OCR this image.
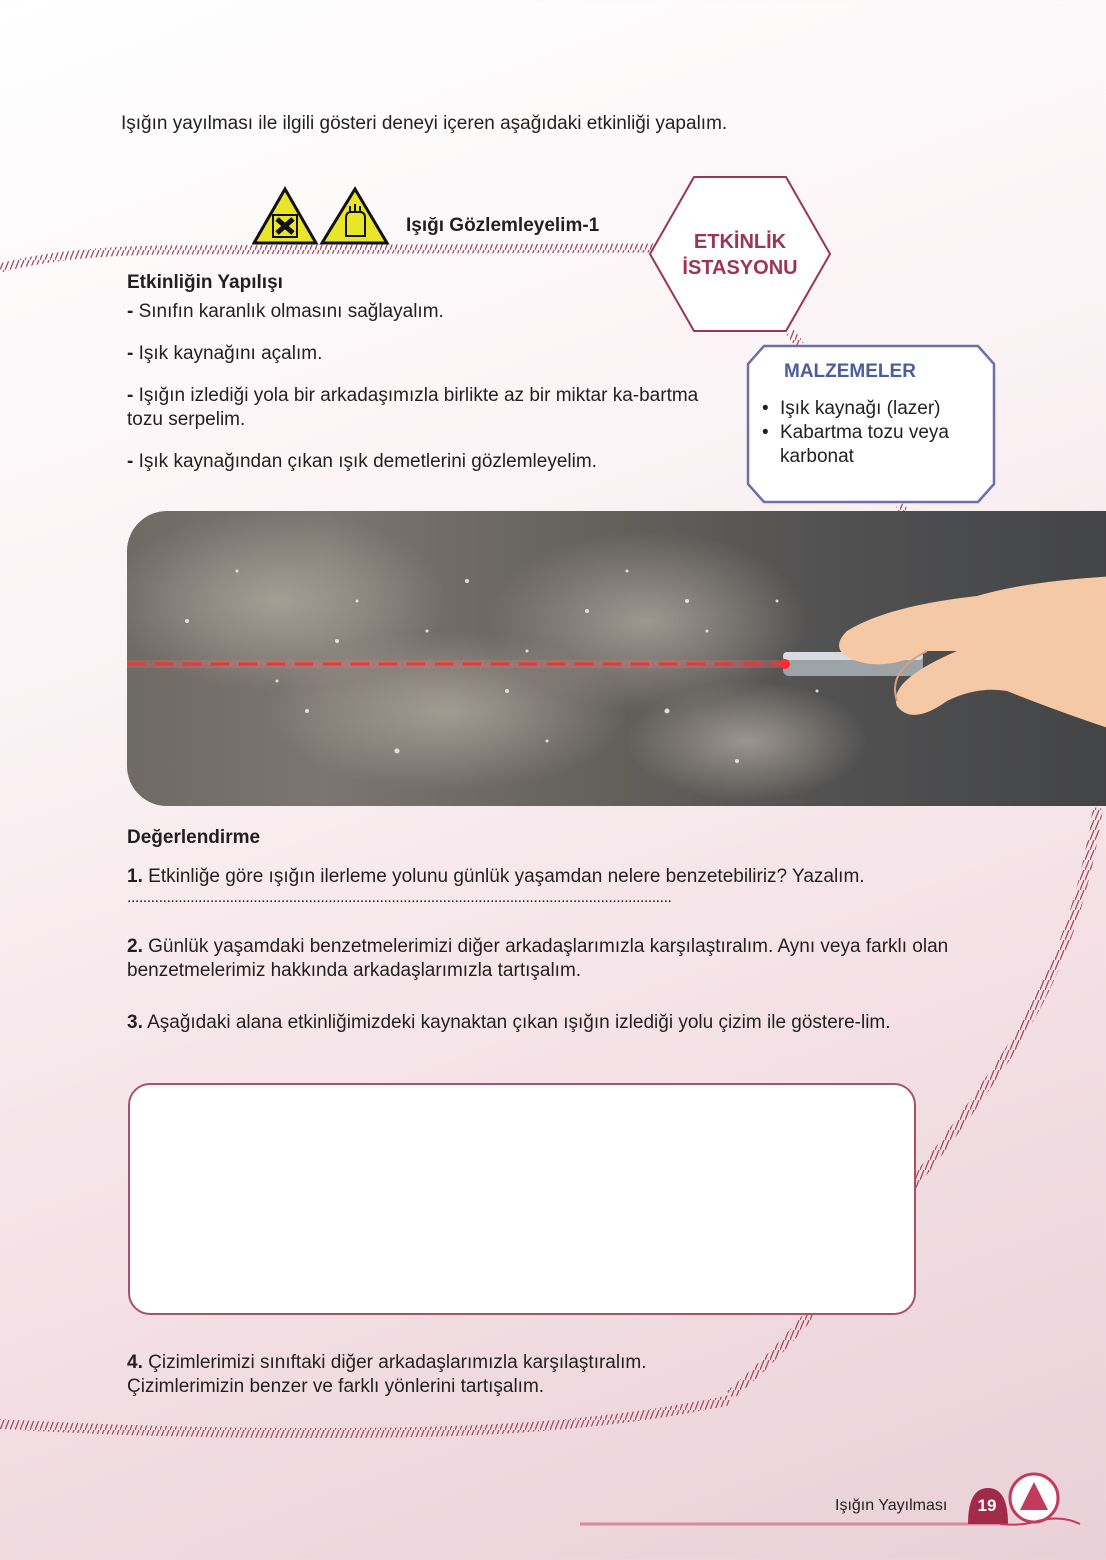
Işığın yayılması ile ilgili gösteri deneyi içeren aşağıdaki etkinliği yapalım.

Işığı Gözlemleyelim-1
ETKİNLİK
İSTASYONU
Etkinliğin Yapılışı

- Sınıfın karanlık olmasını sağlayalım.

- Işık kaynağını açalım.

- Işığın izlediği yola bir arkadaşımızla birlikte az bir miktar ka-bartma tozu serpelim.

- Işık kaynağından çıkan ışık demetlerini gözlemleyelim.

MALZEMELER
• Işık kaynağı (lazer)
• Kabartma tozu veya karbonat
Değerlendirme

1. Etkinliğe göre ışığın ilerleme yolunu günlük yaşamdan nelere benzetebiliriz? Yazalım.

..........................................................................................................................................

2. Günlük yaşamdaki benzetmelerimizi diğer arkadaşlarımızla karşılaştıralım. Aynı veya farklı olan benzetmelerimiz hakkında arkadaşlarımızla tartışalım.

3. Aşağıdaki alana etkinliğimizdeki kaynaktan çıkan ışığın izlediği yolu çizim ile göstere-lim.

4. Çizimlerimizi sınıftaki diğer arkadaşlarımızla karşılaştıralım. Çizimlerimizin benzer ve farklı yönlerini tartışalım.

Işığın Yayılması	19
